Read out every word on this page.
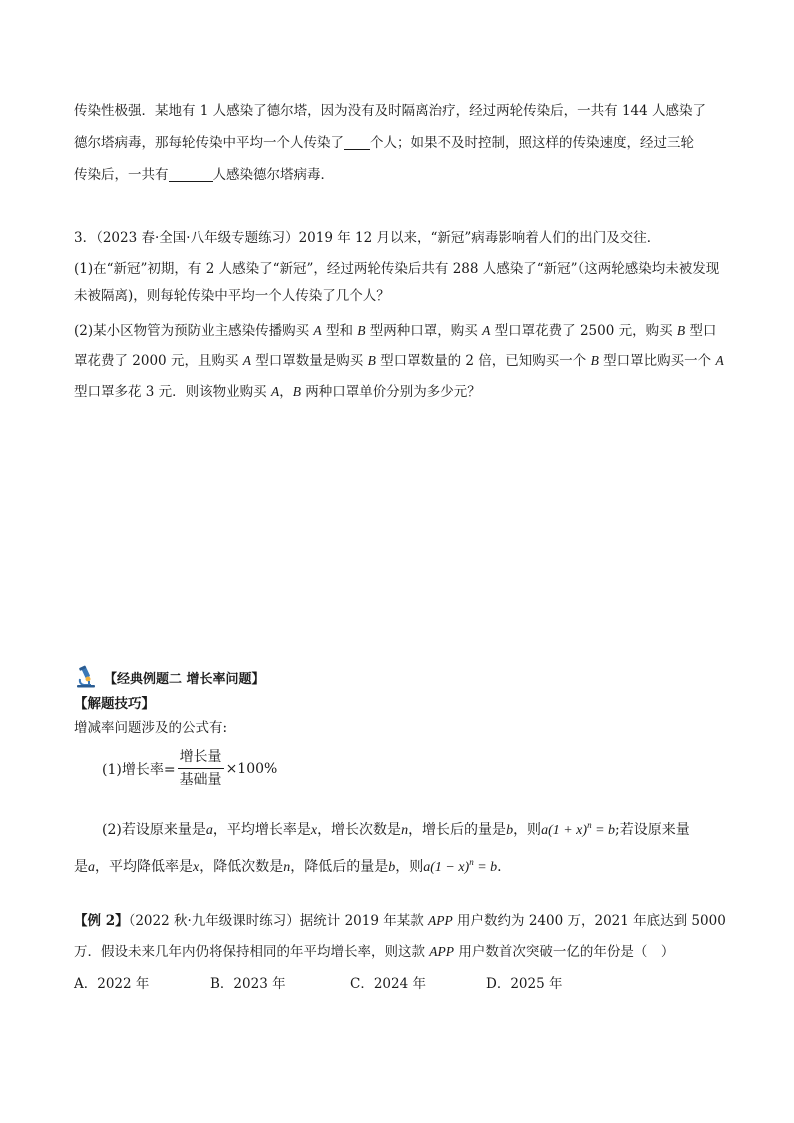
传染性极强．某地有 1 人感染了德尔塔，因为没有及时隔离治疗，经过两轮传染后，一共有 144 人感染了
德尔塔病毒，那每轮传染中平均一个人传染了 个人；如果不及时控制，照这样的传染速度，经过三轮
传染后，一共有	人感染德尔塔病毒．
3．（2023 春·全国·八年级专题练习）2019 年 12 月以来，“新冠”病毒影响着人们的出门及交往．
(1)在“新冠”初期，有 2 人感染了“新冠”，经过两轮传染后共有 288 人感染了“新冠”（这两轮感染均未被发现
未被隔离)，则每轮传染中平均一个人传染了几个人？
(2)某小区物管为预防业主感染传播购买 A 型和 B 型两种口罩，购买 A 型口罩花费了 2500 元，购买 B 型口
罩花费了 2000 元，且购买 A 型口罩数量是购买 B 型口罩数量的 2 倍，已知购买一个 B 型口罩比购买一个 A
型口罩多花 3 元．则该物业购买 A，B 两种口罩单价分别为多少元？
【经典例题二 增长率问题】
【解题技巧】
增减率问题涉及的公式有:
(1)增长率= $\frac{\text{增长量}}{\text{基础量}} \times 100\%$
(2)若设原来量是a，平均增长率是x，增长次数是n，增长后的量是b，则$a(1 + x)^n = b$;若设原来量
是a，平均降低率是x，降低次数是n，降低后的量是b，则$a(1 - x)^n = b$.
【例 2】（2022 秋·九年级课时练习）据统计 2019 年某款 APP 用户数约为 2400 万，2021 年底达到 5000
万．假设未来几年内仍将保持相同的年平均增长率，则这款 APP 用户数首次突破一亿的年份是（　）
A．2022 年	B．2023 年	C．2024 年	D．2025 年
